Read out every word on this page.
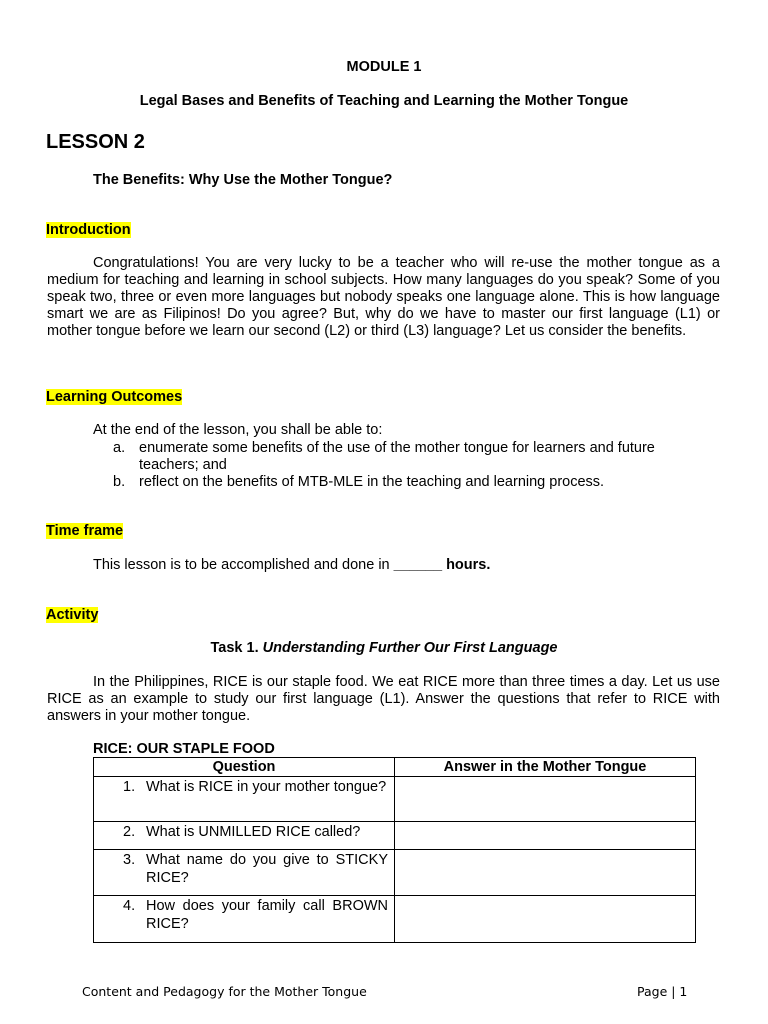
MODULE 1
Legal Bases and Benefits of Teaching and Learning the Mother Tongue
LESSON 2
The Benefits: Why Use the Mother Tongue?
Introduction
Congratulations! You are very lucky to be a teacher who will re-use the mother tongue as a medium for teaching and learning in school subjects. How many languages do you speak? Some of you speak two, three or even more languages but nobody speaks one language alone. This is how language smart we are as Filipinos! Do you agree? But, why do we have to master our first language (L1) or mother tongue before we learn our second (L2) or third (L3) language? Let us consider the benefits.
Learning Outcomes
At the end of the lesson, you shall be able to:
a. enumerate some benefits of the use of the mother tongue for learners and future teachers; and
b. reflect on the benefits of MTB-MLE in the teaching and learning process.
Time frame
This lesson is to be accomplished and done in ______ hours.
Activity
Task 1. Understanding Further Our First Language
In the Philippines, RICE is our staple food. We eat RICE more than three times a day. Let us use RICE as an example to study our first language (L1). Answer the questions that refer to RICE with answers in your mother tongue.
RICE: OUR STAPLE FOOD
Question	Answer in the Mother Tongue

1. What is RICE in your mother tongue?	

2. What is UNMILLED RICE called?	

3. What name do you give to STICKY RICE?	

4. How does your family call BROWN RICE?	

Content and Pedagogy for the Mother Tongue	Page | 1
